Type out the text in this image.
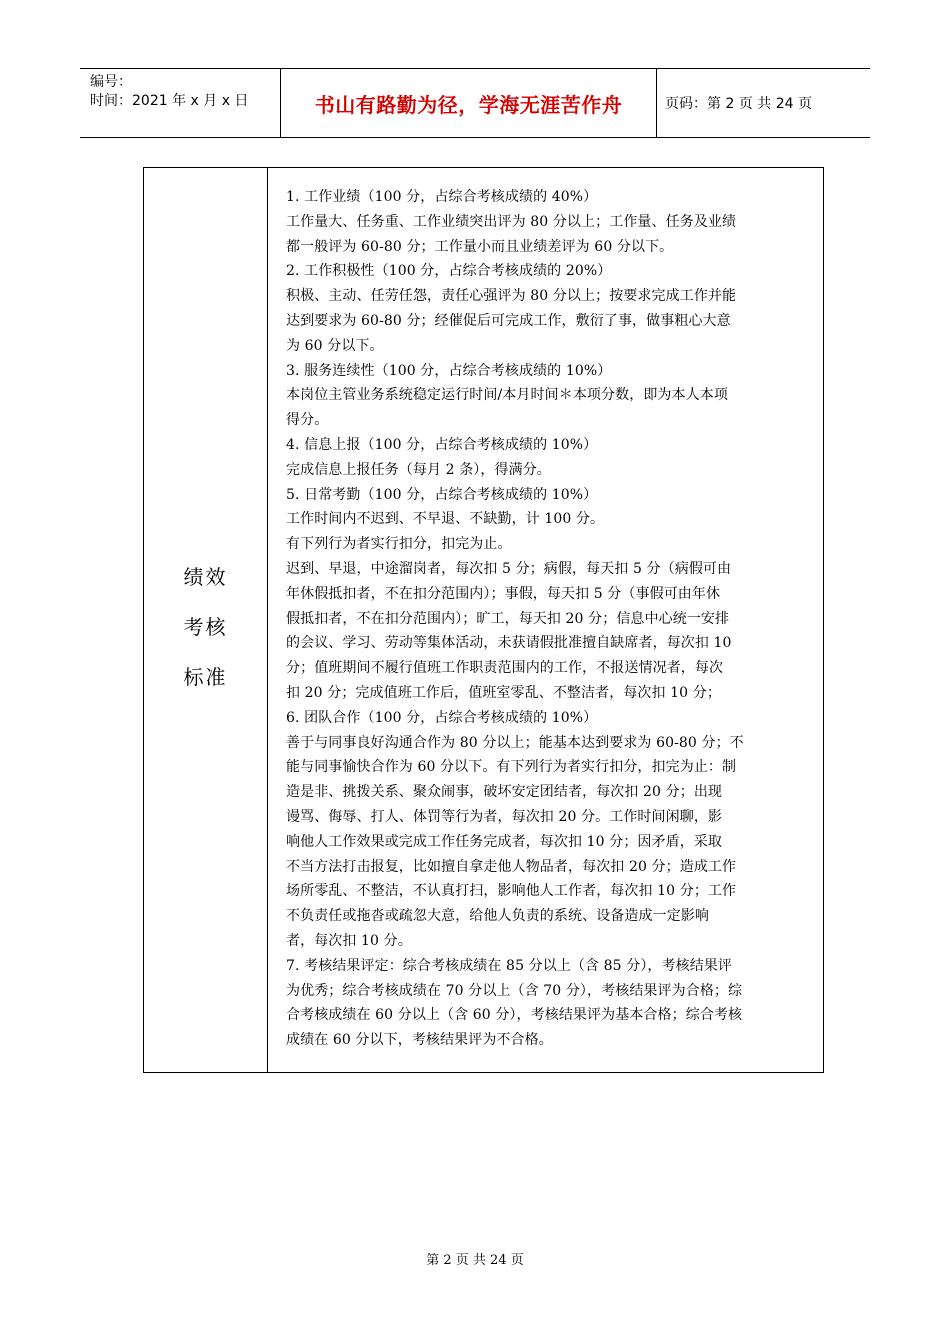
编号：
时间：2021 年 x 月 x 日	书山有路勤为径，学海无涯苦作舟	页码：第 2 页 共 24 页
绩效
考核
标准

1. 工作业绩（100 分，占综合考核成绩的 40%）

工作量大、任务重、工作业绩突出评为 80 分以上；工作量、任务及业绩

都一般评为 60-80 分；工作量小而且业绩差评为 60 分以下。

2. 工作积极性（100 分，占综合考核成绩的 20%）

积极、主动、任劳任怨，责任心强评为 80 分以上；按要求完成工作并能

达到要求为 60-80 分；经催促后可完成工作，敷衍了事，做事粗心大意

为 60 分以下。

3. 服务连续性（100 分，占综合考核成绩的 10%）

本岗位主管业务系统稳定运行时间/本月时间＊本项分数，即为本人本项

得分。

4. 信息上报（100 分，占综合考核成绩的 10%）

完成信息上报任务（每月 2 条），得满分。

5. 日常考勤（100 分，占综合考核成绩的 10%）

工作时间内不迟到、不早退、不缺勤，计 100 分。

有下列行为者实行扣分，扣完为止。

迟到、早退，中途溜岗者，每次扣 5 分；病假，每天扣 5 分（病假可由

年休假抵扣者，不在扣分范围内）；事假，每天扣 5 分（事假可由年休

假抵扣者，不在扣分范围内）；旷工，每天扣 20 分；信息中心统一安排

的会议、学习、劳动等集体活动，未获请假批准擅自缺席者，每次扣 10

分；值班期间不履行值班工作职责范围内的工作，不报送情况者，每次

扣 20 分；完成值班工作后，值班室零乱、不整洁者，每次扣 10 分；

6. 团队合作（100 分，占综合考核成绩的 10%）

善于与同事良好沟通合作为 80 分以上；能基本达到要求为 60-80 分；不

能与同事愉快合作为 60 分以下。有下列行为者实行扣分，扣完为止：制

造是非、挑拨关系、聚众闹事，破坏安定团结者，每次扣 20 分；出现

谩骂、侮辱、打人、体罚等行为者，每次扣 20 分。工作时间闲聊，影

响他人工作效果或完成工作任务完成者，每次扣 10 分；因矛盾，采取

不当方法打击报复，比如擅自拿走他人物品者，每次扣 20 分；造成工作

场所零乱、不整洁，不认真打扫，影响他人工作者，每次扣 10 分；工作

不负责任或拖沓或疏忽大意，给他人负责的系统、设备造成一定影响

者，每次扣 10 分。

7. 考核结果评定：综合考核成绩在 85 分以上（含 85 分），考核结果评

为优秀；综合考核成绩在 70 分以上（含 70 分），考核结果评为合格；综

合考核成绩在 60 分以上（含 60 分），考核结果评为基本合格；综合考核

成绩在 60 分以下，考核结果评为不合格。

第 2 页 共 24 页
